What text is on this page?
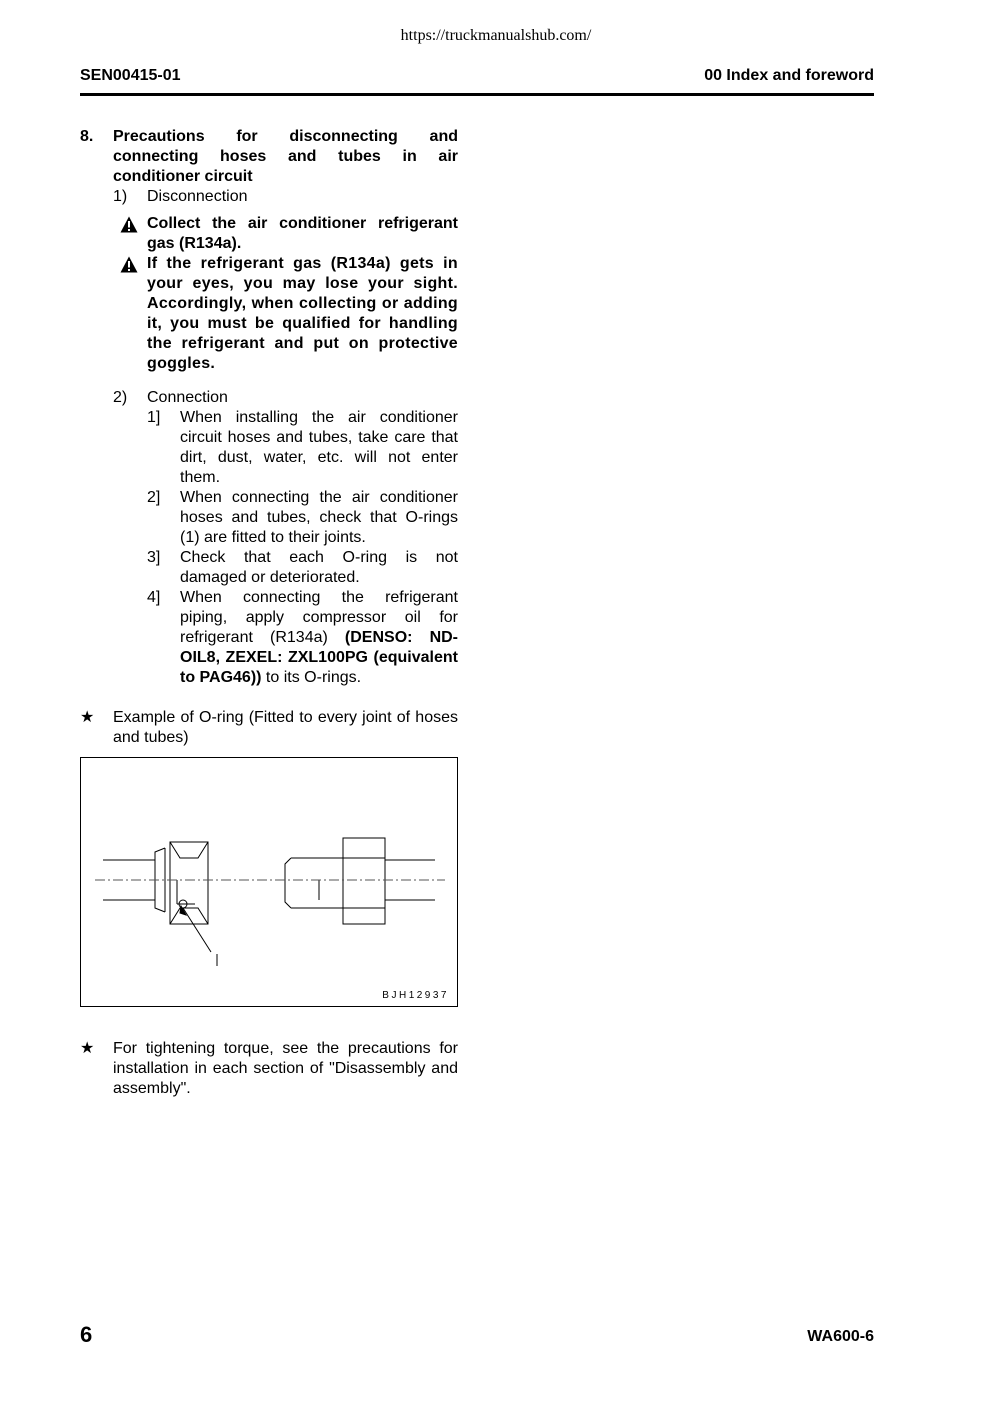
https://truckmanualshub.com/
SEN00415-01	00 Index and foreword
8.	Precautions for disconnecting and connecting hoses and tubes in air conditioner circuit
1)	Disconnection
Collect the air conditioner refrigerant gas (R134a).
If the refrigerant gas (R134a) gets in your eyes, you may lose your sight. Accordingly, when collecting or adding it, you must be qualified for handling the refrigerant and put on protective goggles.
2)	Connection
1]	When installing the air conditioner circuit hoses and tubes, take care that dirt, dust, water, etc. will not enter them.
2]	When connecting the air conditioner hoses and tubes, check that O-rings (1) are fitted to their joints.
3]	Check that each O-ring is not damaged or deteriorated.
4]	When connecting the refrigerant piping, apply compressor oil for refrigerant (R134a) (DENSO: ND-OIL8, ZEXEL: ZXL100PG (equivalent to PAG46)) to its O-rings.
★	Example of O-ring (Fitted to every joint of hoses and tubes)
BJH12937
★	For tightening torque, see the precautions for installation in each section of "Disassembly and assembly".
6	WA600-6
